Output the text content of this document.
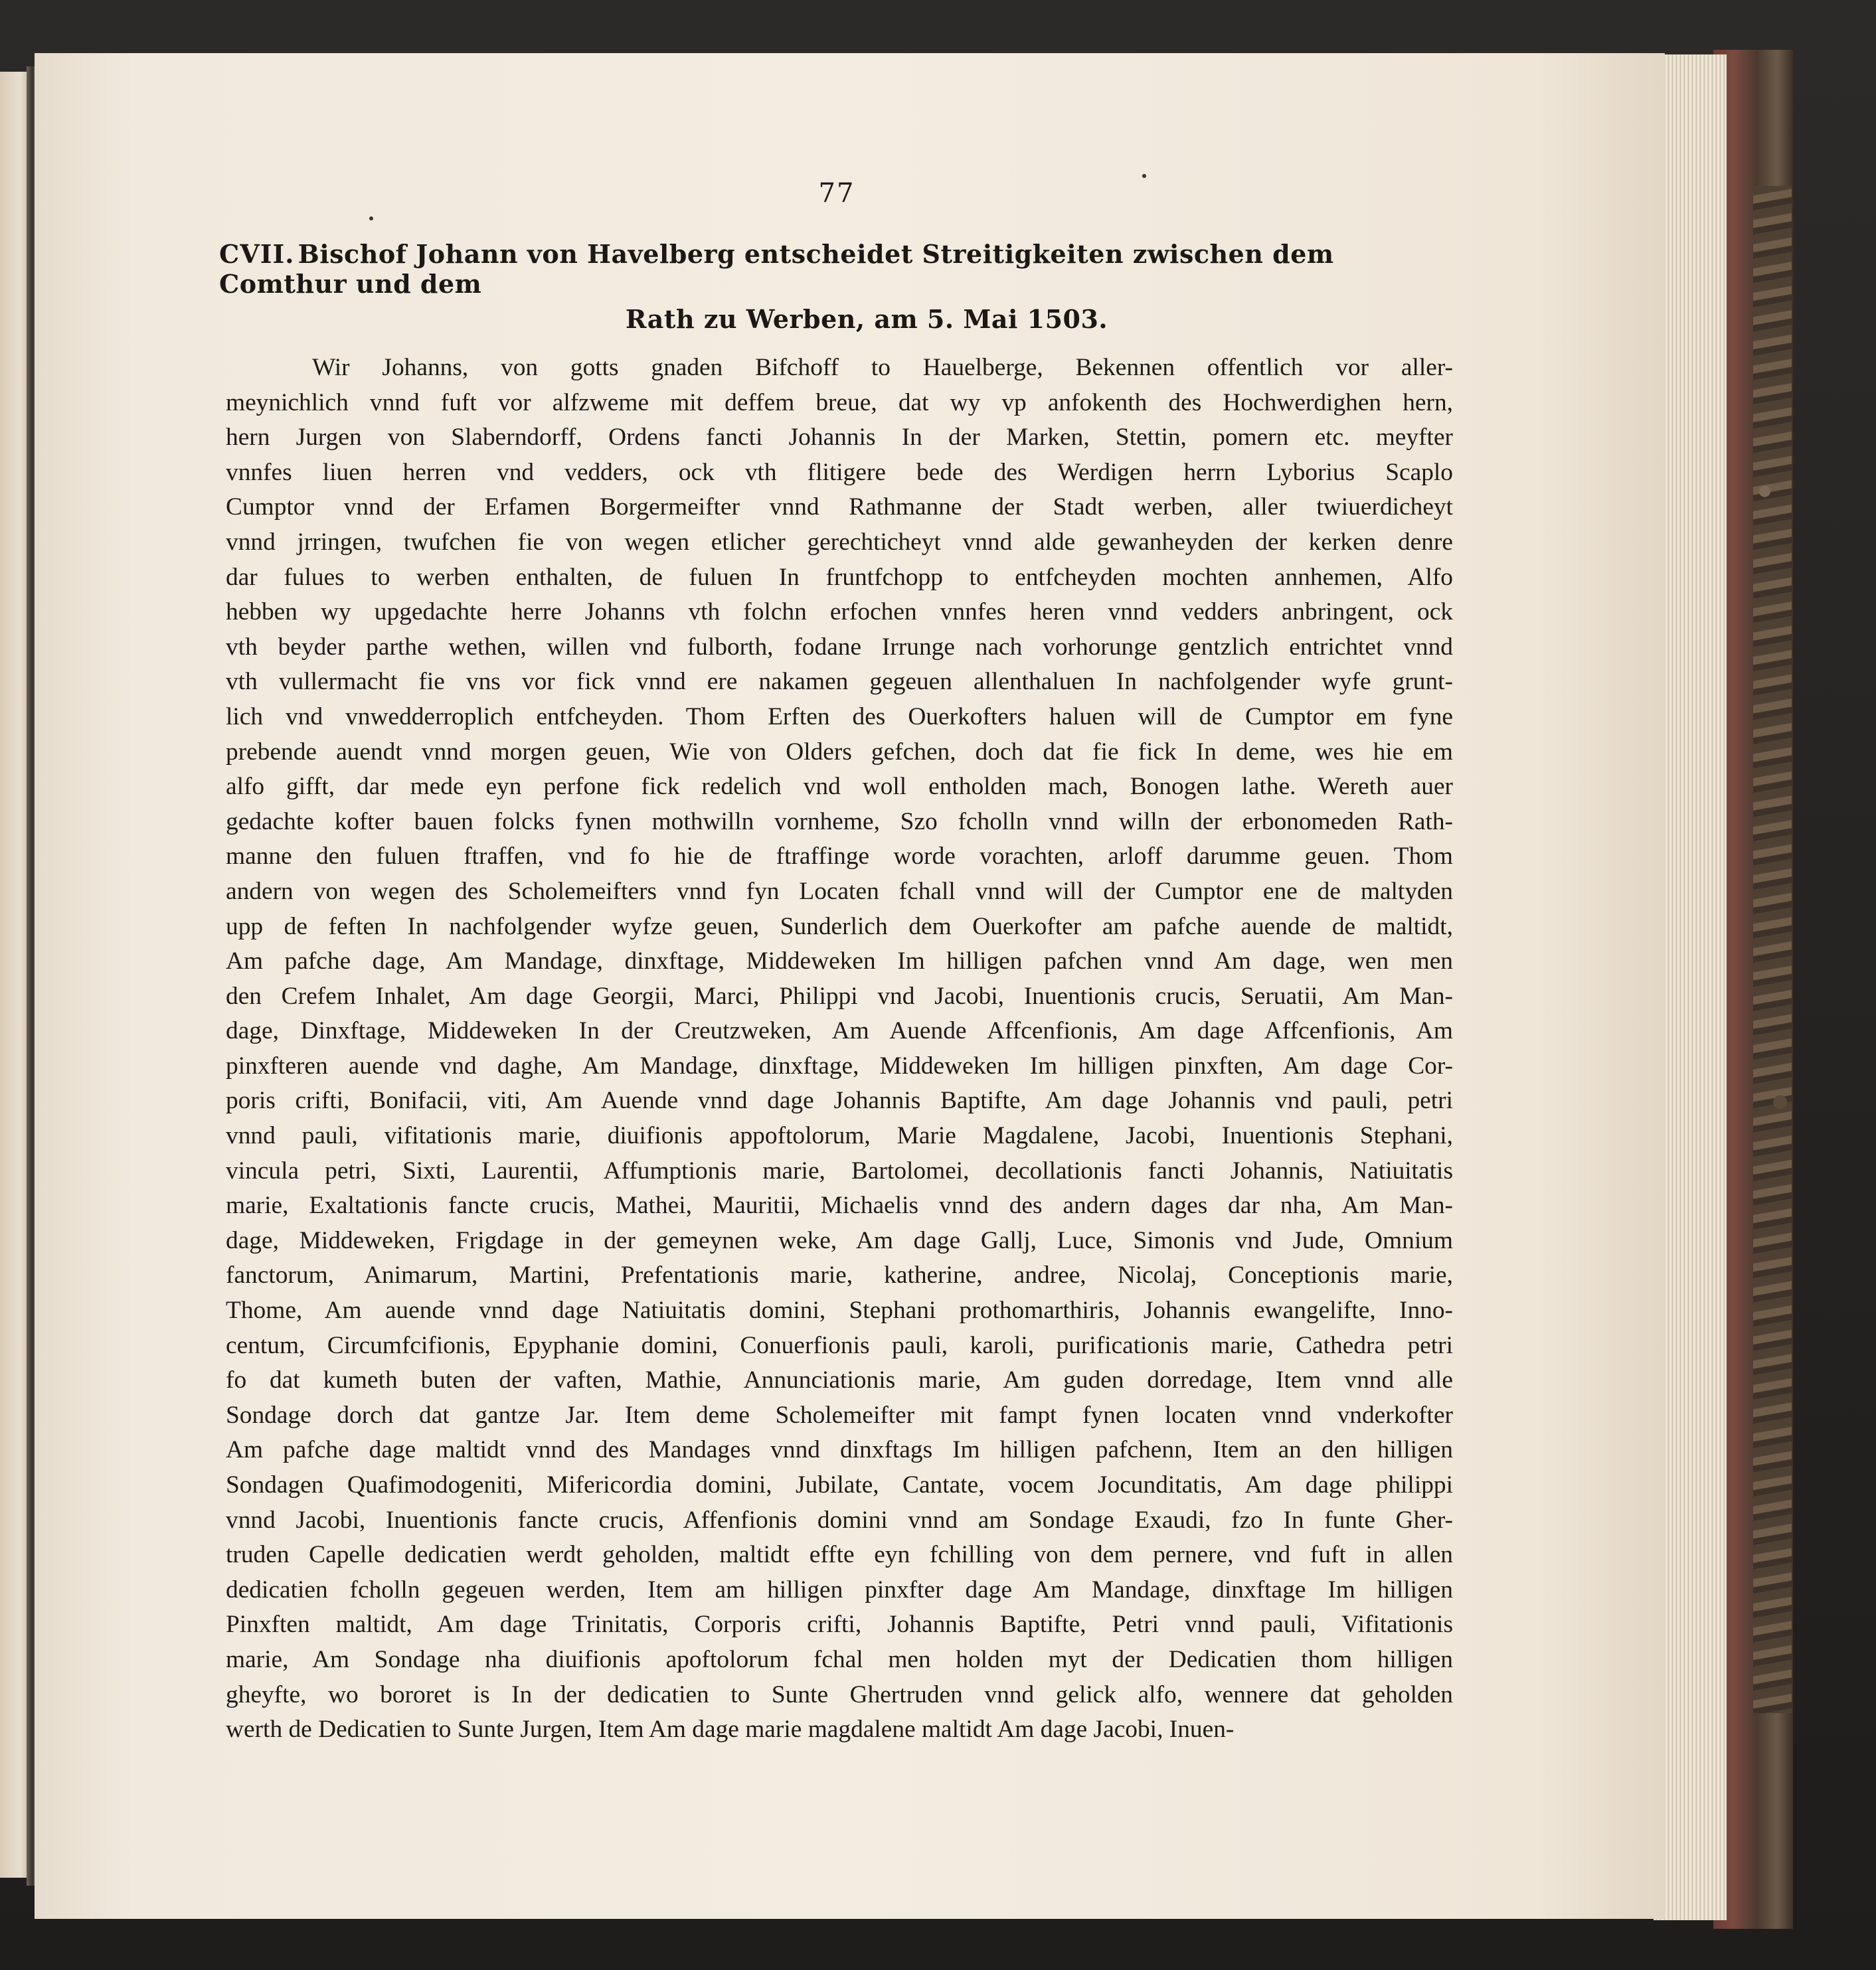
77
CVII. Bischof Johann von Havelberg entscheidet Streitigkeiten zwischen dem Comthur und dem
Rath zu Werben, am 5. Mai 1503.
Wir Johanns, von gotts gnaden Bifchoff to Hauelberge, Bekennen offentlich vor aller-
meynichlich vnnd fuft vor alfzweme mit deffem breue, dat wy vp anfokenth des Hochwerdighen hern,
hern Jurgen von Slaberndorff, Ordens fancti Johannis In der Marken, Stettin, pomern etc. meyfter
vnnfes liuen herren vnd vedders, ock vth flitigere bede des Werdigen herrn Lyborius Scaplo
Cumptor vnnd der Erfamen Borgermeifter vnnd Rathmanne der Stadt werben, aller twiuerdicheyt
vnnd jrringen, twufchen fie von wegen etlicher gerechticheyt vnnd alde gewanheyden der kerken denre
dar fulues to werben enthalten, de fuluen In fruntfchopp to entfcheyden mochten annhemen, Alfo
hebben wy upgedachte herre Johanns vth folchn erfochen vnnfes heren vnnd vedders anbringent, ock
vth beyder parthe wethen, willen vnd fulborth, fodane Irrunge nach vorhorunge gentzlich entrichtet vnnd
vth vullermacht fie vns vor fick vnnd ere nakamen gegeuen allenthaluen In nachfolgender wyfe grunt-
lich vnd vnwedderroplich entfcheyden. Thom Erften des Ouerkofters haluen will de Cumptor em fyne
prebende auendt vnnd morgen geuen, Wie von Olders gefchen, doch dat fie fick In deme, wes hie em
alfo gifft, dar mede eyn perfone fick redelich vnd woll entholden mach, Bonogen lathe. Wereth auer
gedachte kofter bauen folcks fynen mothwilln vornheme, Szo fcholln vnnd willn der erbonomeden Rath-
manne den fuluen ftraffen, vnd fo hie de ftraffinge worde vorachten, arloff darumme geuen. Thom
andern von wegen des Scholemeifters vnnd fyn Locaten fchall vnnd will der Cumptor ene de maltyden
upp de feften In nachfolgender wyfze geuen, Sunderlich dem Ouerkofter am pafche auende de maltidt,
Am pafche dage, Am Mandage, dinxftage, Middeweken Im hilligen pafchen vnnd Am dage, wen men
den Crefem Inhalet, Am dage Georgii, Marci, Philippi vnd Jacobi, Inuentionis crucis, Seruatii, Am Man-
dage, Dinxftage, Middeweken In der Creutzweken, Am Auende Affcenfionis, Am dage Affcenfionis, Am
pinxfteren auende vnd daghe, Am Mandage, dinxftage, Middeweken Im hilligen pinxften, Am dage Cor-
poris crifti, Bonifacii, viti, Am Auende vnnd dage Johannis Baptifte, Am dage Johannis vnd pauli, petri
vnnd pauli, vifitationis marie, diuifionis appoftolorum, Marie Magdalene, Jacobi, Inuentionis Stephani,
vincula petri, Sixti, Laurentii, Affumptionis marie, Bartolomei, decollationis fancti Johannis, Natiuitatis
marie, Exaltationis fancte crucis, Mathei, Mauritii, Michaelis vnnd des andern dages dar nha, Am Man-
dage, Middeweken, Frigdage in der gemeynen weke, Am dage Gallj, Luce, Simonis vnd Jude, Omnium
fanctorum, Animarum, Martini, Prefentationis marie, katherine, andree, Nicolaj, Conceptionis marie,
Thome, Am auende vnnd dage Natiuitatis domini, Stephani prothomarthiris, Johannis ewangelifte, Inno-
centum, Circumfcifionis, Epyphanie domini, Conuerfionis pauli, karoli, purificationis marie, Cathedra petri
fo dat kumeth buten der vaften, Mathie, Annunciationis marie, Am guden dorredage, Item vnnd alle
Sondage dorch dat gantze Jar. Item deme Scholemeifter mit fampt fynen locaten vnnd vnderkofter
Am pafche dage maltidt vnnd des Mandages vnnd dinxftags Im hilligen pafchenn, Item an den hilligen
Sondagen Quafimodogeniti, Mifericordia domini, Jubilate, Cantate, vocem Jocunditatis, Am dage philippi
vnnd Jacobi, Inuentionis fancte crucis, Affenfionis domini vnnd am Sondage Exaudi, fzo In funte Gher-
truden Capelle dedicatien werdt geholden, maltidt effte eyn fchilling von dem pernere, vnd fuft in allen
dedicatien fcholln gegeuen werden, Item am hilligen pinxfter dage Am Mandage, dinxftage Im hilligen
Pinxften maltidt, Am dage Trinitatis, Corporis crifti, Johannis Baptifte, Petri vnnd pauli, Vifitationis
marie, Am Sondage nha diuifionis apoftolorum fchal men holden myt der Dedicatien thom hilligen
gheyfte, wo bororet is In der dedicatien to Sunte Ghertruden vnnd gelick alfo, wennere dat geholden
werth de Dedicatien to Sunte Jurgen, Item Am dage marie magdalene maltidt Am dage Jacobi, Inuen-
